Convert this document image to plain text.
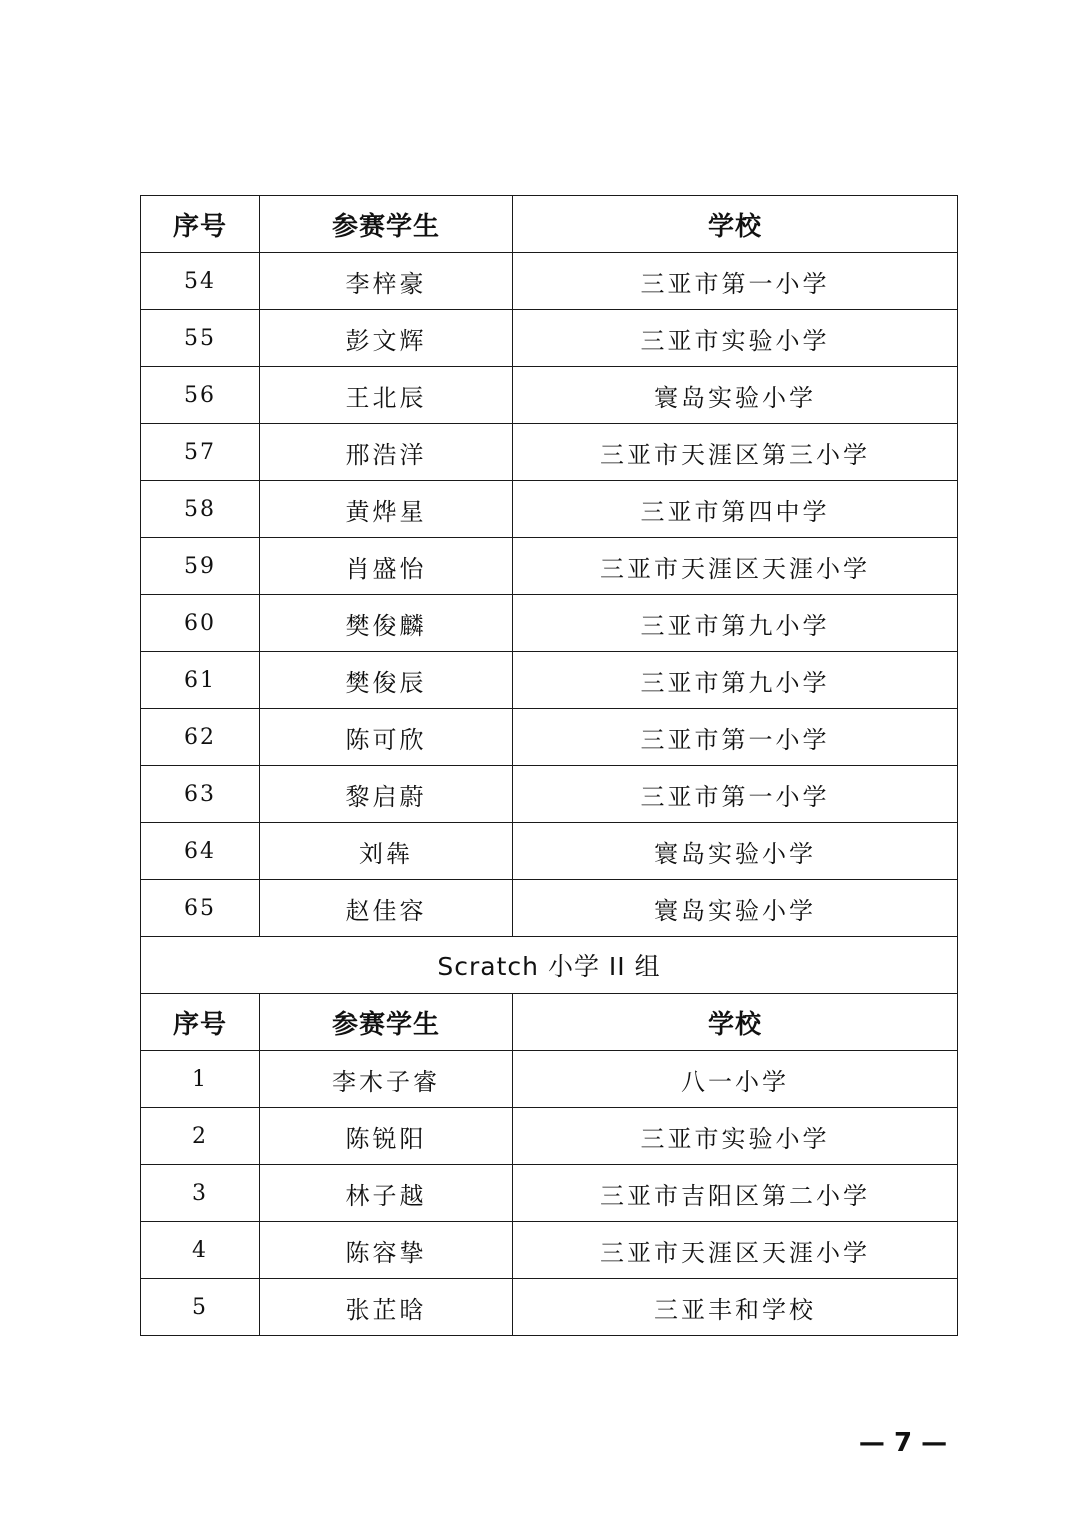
序号	参赛学生	学校
54	李梓豪	三亚市第一小学
55	彭文辉	三亚市实验小学
56	王北辰	寰岛实验小学
57	邢浩洋	三亚市天涯区第三小学
58	黄烨星	三亚市第四中学
59	肖盛怡	三亚市天涯区天涯小学
60	樊俊麟	三亚市第九小学
61	樊俊辰	三亚市第九小学
62	陈可欣	三亚市第一小学
63	黎启蔚	三亚市第一小学
64	刘犇	寰岛实验小学
65	赵佳容	寰岛实验小学
Scratch 小学 II 组		
序号	参赛学生	学校
1	李木子睿	八一小学
2	陈锐阳	三亚市实验小学
3	林子越	三亚市吉阳区第二小学
4	陈容挚	三亚市天涯区天涯小学
5	张芷晗	三亚丰和学校
— 7 —
